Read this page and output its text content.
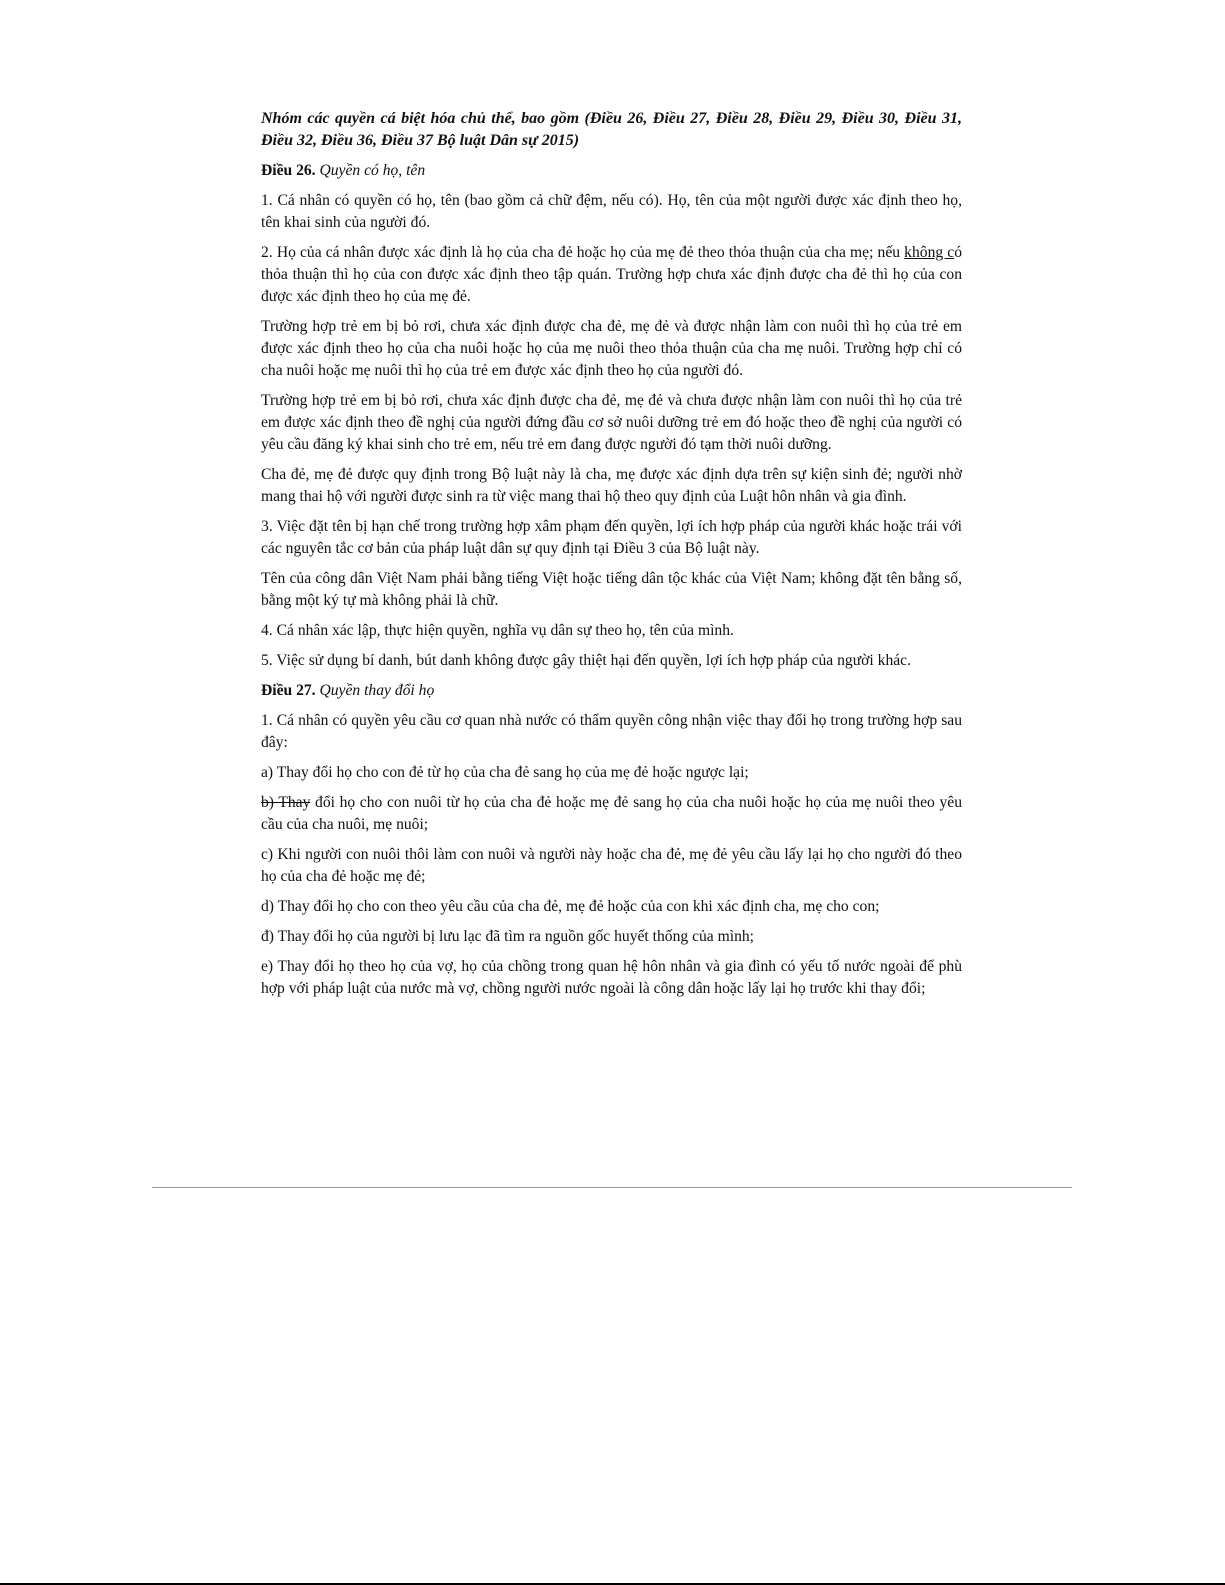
Nhóm các quyền cá biệt hóa chủ thể, bao gồm (Điều 26, Điều 27, Điều 28, Điều 29, Điều 30, Điều 31, Điều 32, Điều 36, Điều 37 Bộ luật Dân sự 2015)

Điều 26. Quyền có họ, tên

1. Cá nhân có quyền có họ, tên (bao gồm cả chữ đệm, nếu có). Họ, tên của một người được xác định theo họ, tên khai sinh của người đó.

2. Họ của cá nhân được xác định là họ của cha đẻ hoặc họ của mẹ đẻ theo thỏa thuận của cha mẹ; nếu không có thỏa thuận thì họ của con được xác định theo tập quán. Trường hợp chưa xác định được cha đẻ thì họ của con được xác định theo họ của mẹ đẻ.

Trường hợp trẻ em bị bỏ rơi, chưa xác định được cha đẻ, mẹ đẻ và được nhận làm con nuôi thì họ của trẻ em được xác định theo họ của cha nuôi hoặc họ của mẹ nuôi theo thỏa thuận của cha mẹ nuôi. Trường hợp chỉ có cha nuôi hoặc mẹ nuôi thì họ của trẻ em được xác định theo họ của người đó.

Trường hợp trẻ em bị bỏ rơi, chưa xác định được cha đẻ, mẹ đẻ và chưa được nhận làm con nuôi thì họ của trẻ em được xác định theo đề nghị của người đứng đầu cơ sở nuôi dưỡng trẻ em đó hoặc theo đề nghị của người có yêu cầu đăng ký khai sinh cho trẻ em, nếu trẻ em đang được người đó tạm thời nuôi dưỡng.

Cha đẻ, mẹ đẻ được quy định trong Bộ luật này là cha, mẹ được xác định dựa trên sự kiện sinh đẻ; người nhờ mang thai hộ với người được sinh ra từ việc mang thai hộ theo quy định của Luật hôn nhân và gia đình.

3. Việc đặt tên bị hạn chế trong trường hợp xâm phạm đến quyền, lợi ích hợp pháp của người khác hoặc trái với các nguyên tắc cơ bản của pháp luật dân sự quy định tại Điều 3 của Bộ luật này.

Tên của công dân Việt Nam phải bằng tiếng Việt hoặc tiếng dân tộc khác của Việt Nam; không đặt tên bằng số, bằng một ký tự mà không phải là chữ.

4. Cá nhân xác lập, thực hiện quyền, nghĩa vụ dân sự theo họ, tên của mình.

5. Việc sử dụng bí danh, bút danh không được gây thiệt hại đến quyền, lợi ích hợp pháp của người khác.

Điều 27. Quyền thay đổi họ

1. Cá nhân có quyền yêu cầu cơ quan nhà nước có thẩm quyền công nhận việc thay đổi họ trong trường hợp sau đây:

a) Thay đổi họ cho con đẻ từ họ của cha đẻ sang họ của mẹ đẻ hoặc ngược lại;

b) Thay đổi họ cho con nuôi từ họ của cha đẻ hoặc mẹ đẻ sang họ của cha nuôi hoặc họ của mẹ nuôi theo yêu cầu của cha nuôi, mẹ nuôi;

c) Khi người con nuôi thôi làm con nuôi và người này hoặc cha đẻ, mẹ đẻ yêu cầu lấy lại họ cho người đó theo họ của cha đẻ hoặc mẹ đẻ;

d) Thay đổi họ cho con theo yêu cầu của cha đẻ, mẹ đẻ hoặc của con khi xác định cha, mẹ cho con;

đ) Thay đổi họ của người bị lưu lạc đã tìm ra nguồn gốc huyết thống của mình;

e) Thay đổi họ theo họ của vợ, họ của chồng trong quan hệ hôn nhân và gia đình có yếu tố nước ngoài để phù hợp với pháp luật của nước mà vợ, chồng người nước ngoài là công dân hoặc lấy lại họ trước khi thay đổi;
